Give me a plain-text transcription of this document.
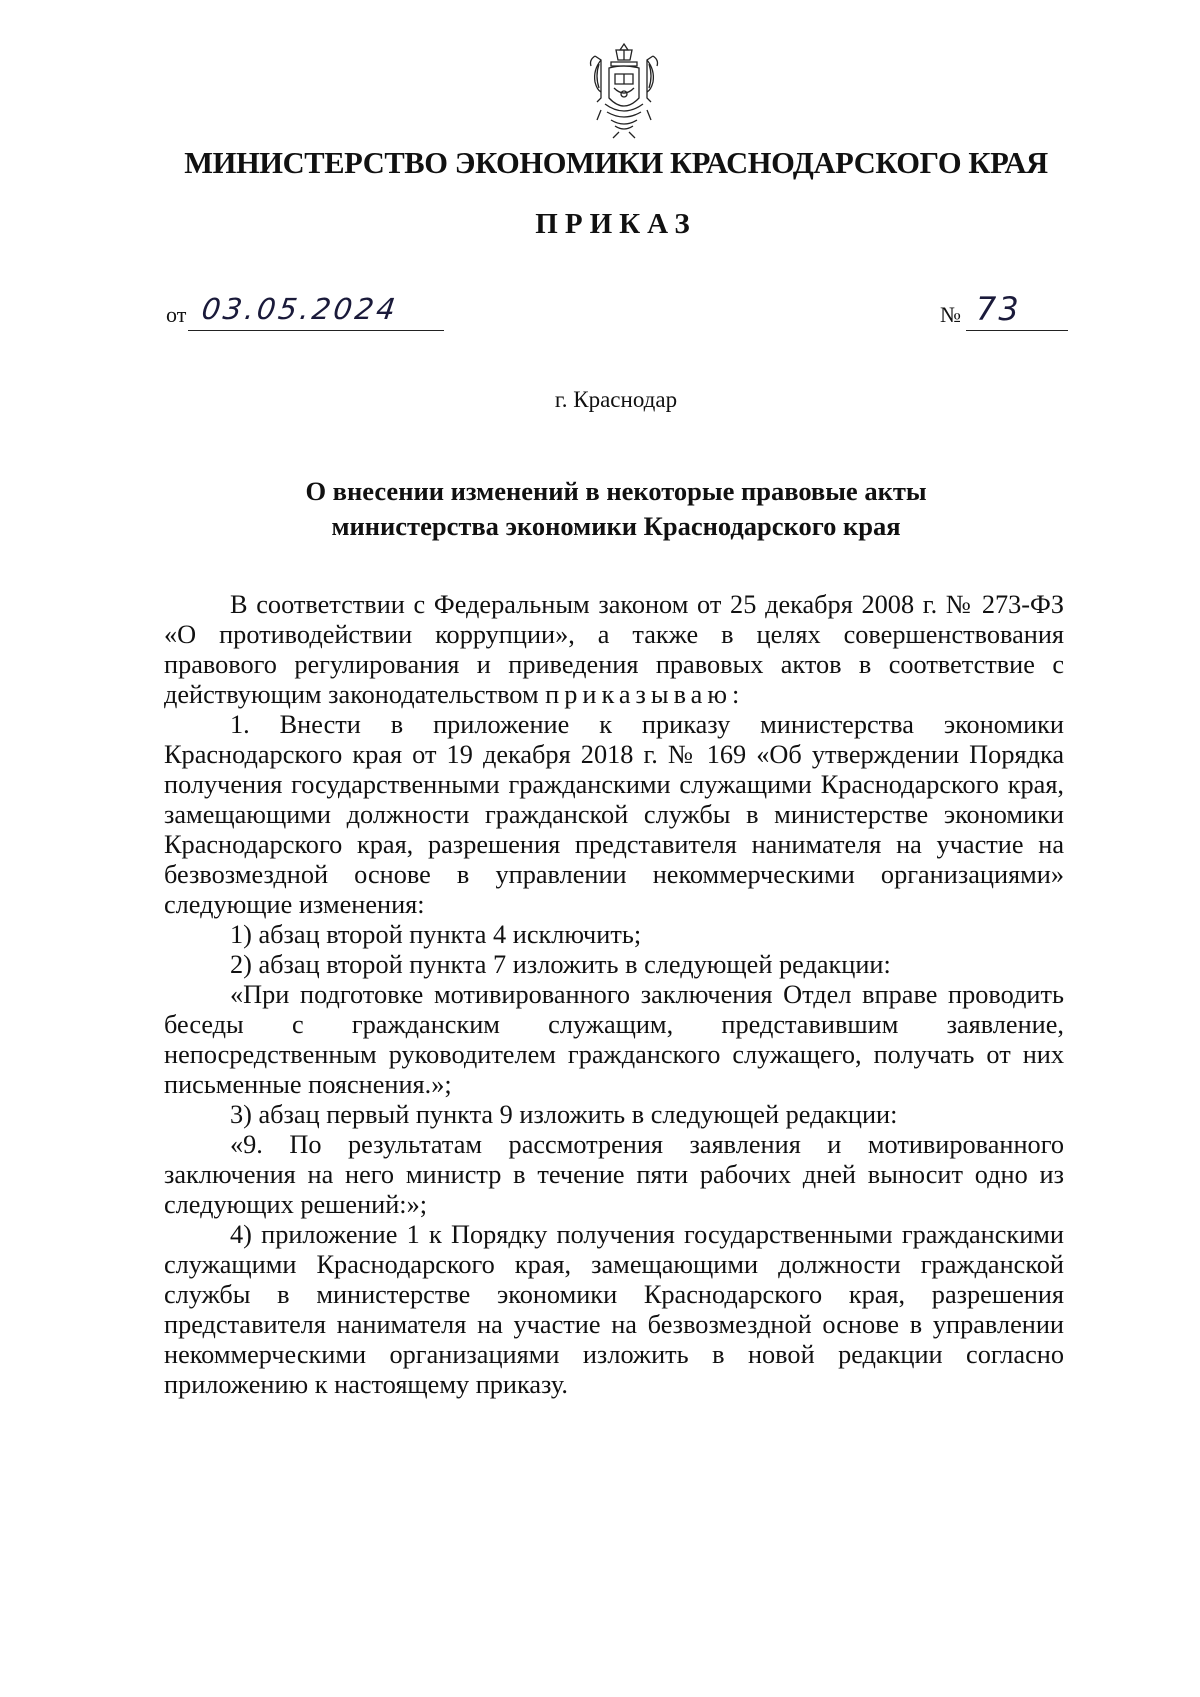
МИНИСТЕРСТВО ЭКОНОМИКИ КРАСНОДАРСКОГО КРАЯ
ПРИКАЗ
от 03.05.2024	№ 73
г. Краснодар
О внесении изменений в некоторые правовые акты
министерства экономики Краснодарского края

В соответствии с Федеральным законом от 25 декабря 2008 г. № 273-ФЗ «О противодействии коррупции», а также в целях совершенствования правового регулирования и приведения правовых актов в соответствие с действующим законодательством приказываю:

1. Внести в приложение к приказу министерства экономики Краснодарского края от 19 декабря 2018 г. № 169 «Об утверждении Порядка получения государственными гражданскими служащими Краснодарского края, замещающими должности гражданской службы в министерстве экономики Краснодарского края, разрешения представителя нанимателя на участие на безвозмездной основе в управлении некоммерческими организациями» следующие изменения:

1) абзац второй пункта 4 исключить;

2) абзац второй пункта 7 изложить в следующей редакции:

«При подготовке мотивированного заключения Отдел вправе проводить беседы с гражданским служащим, представившим заявление, непосредственным руководителем гражданского служащего, получать от них письменные пояснения.»;

3) абзац первый пункта 9 изложить в следующей редакции:

«9. По результатам рассмотрения заявления и мотивированного заключения на него министр в течение пяти рабочих дней выносит одно из следующих решений:»;

4) приложение 1 к Порядку получения государственными гражданскими служащими Краснодарского края, замещающими должности гражданской службы в министерстве экономики Краснодарского края, разрешения представителя нанимателя на участие на безвозмездной основе в управлении некоммерческими организациями изложить в новой редакции согласно приложению к настоящему приказу.
